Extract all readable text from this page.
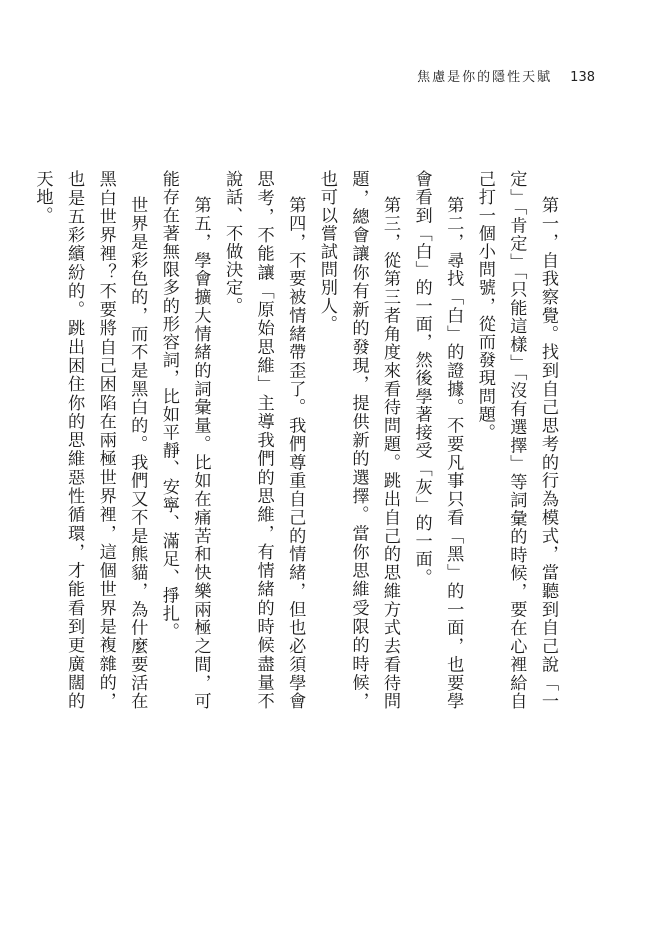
焦慮是你的隱性天賦 138

第一，自我察覺。找到自己思考的行為模式，當聽到自己說「一定」「肯定」「只能這樣」「沒有選擇」等詞彙的時候，要在心裡給自己打一個小問號，從而發現問題。

第二，尋找「白」的證據。不要凡事只看「黑」的一面，也要學會看到「白」的一面，然後學著接受「灰」的一面。

第三，從第三者角度來看待問題。跳出自己的思維方式去看待問題，總會讓你有新的發現，提供新的選擇。當你思維受限的時候，也可以嘗試問別人。

第四，不要被情緒帶歪了。我們尊重自己的情緒，但也必須學會思考，不能讓「原始思維」主導我們的思維，有情緒的時候盡量不說話、不做決定。

第五，學會擴大情緒的詞彙量。比如在痛苦和快樂兩極之間，可能存在著無限多的形容詞，比如平靜、安寧、滿足、掙扎。

世界是彩色的，而不是黑白的。我們又不是熊貓，為什麼要活在黑白世界裡？不要將自己困陷在兩極世界裡，這個世界是複雜的，也是五彩繽紛的。跳出困住你的思維惡性循環，才能看到更廣闊的天地。
